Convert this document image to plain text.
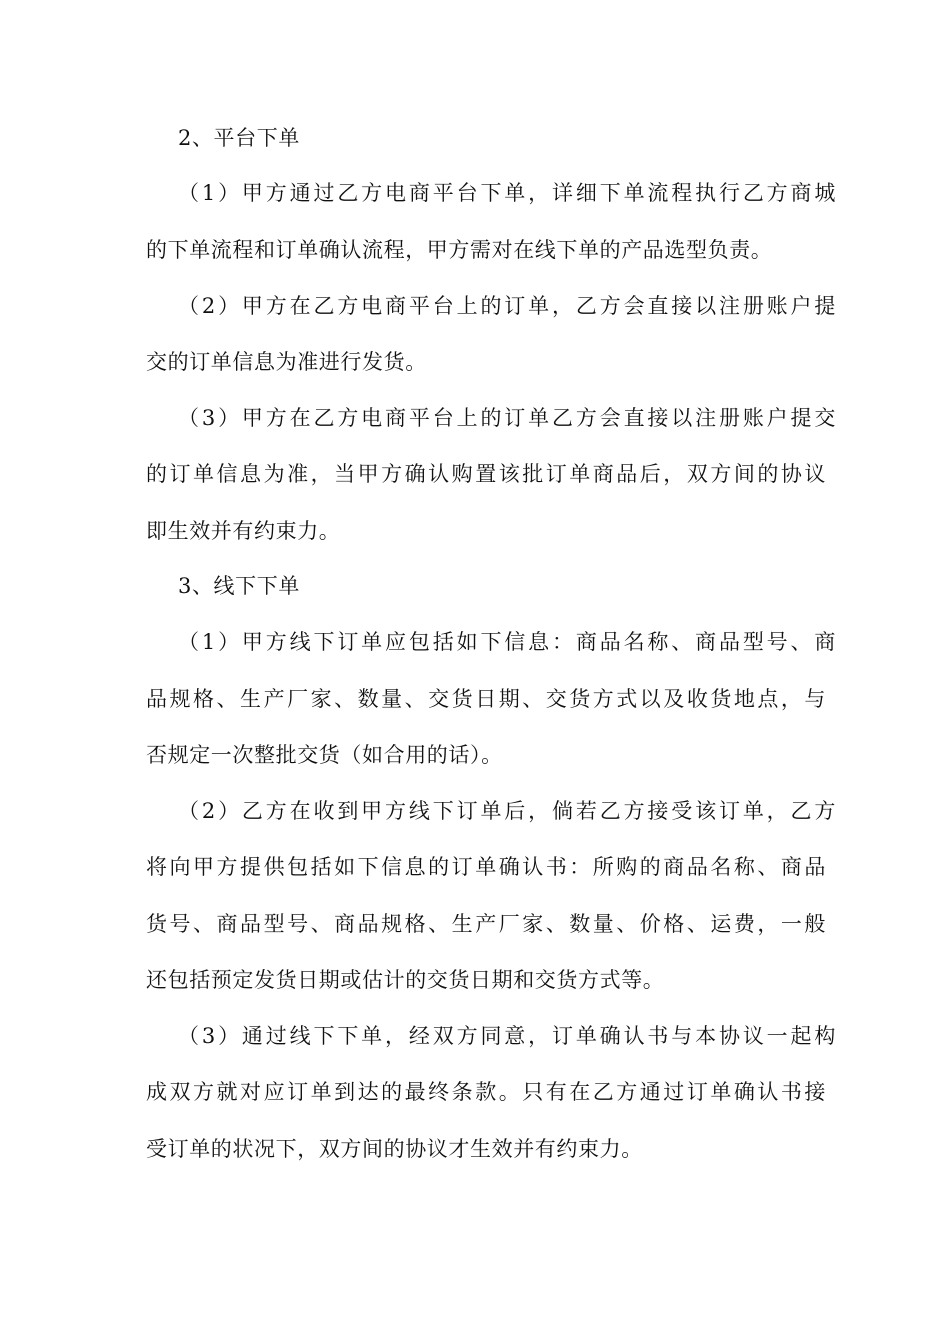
2、平台下单
（1）甲方通过乙方电商平台下单，详细下单流程执行乙方商城
的下单流程和订单确认流程，甲方需对在线下单的产品选型负责。
（2）甲方在乙方电商平台上的订单，乙方会直接以注册账户提
交的订单信息为准进行发货。
（3）甲方在乙方电商平台上的订单乙方会直接以注册账户提交
的订单信息为准，当甲方确认购置该批订单商品后，双方间的协议
即生效并有约束力。
3、线下下单
（1）甲方线下订单应包括如下信息：商品名称、商品型号、商
品规格、生产厂家、数量、交货日期、交货方式以及收货地点，与
否规定一次整批交货（如合用的话）。
（2）乙方在收到甲方线下订单后，倘若乙方接受该订单，乙方
将向甲方提供包括如下信息的订单确认书：所购的商品名称、商品
货号、商品型号、商品规格、生产厂家、数量、价格、运费，一般
还包括预定发货日期或估计的交货日期和交货方式等。
（3）通过线下下单，经双方同意，订单确认书与本协议一起构
成双方就对应订单到达的最终条款。只有在乙方通过订单确认书接
受订单的状况下，双方间的协议才生效并有约束力。
